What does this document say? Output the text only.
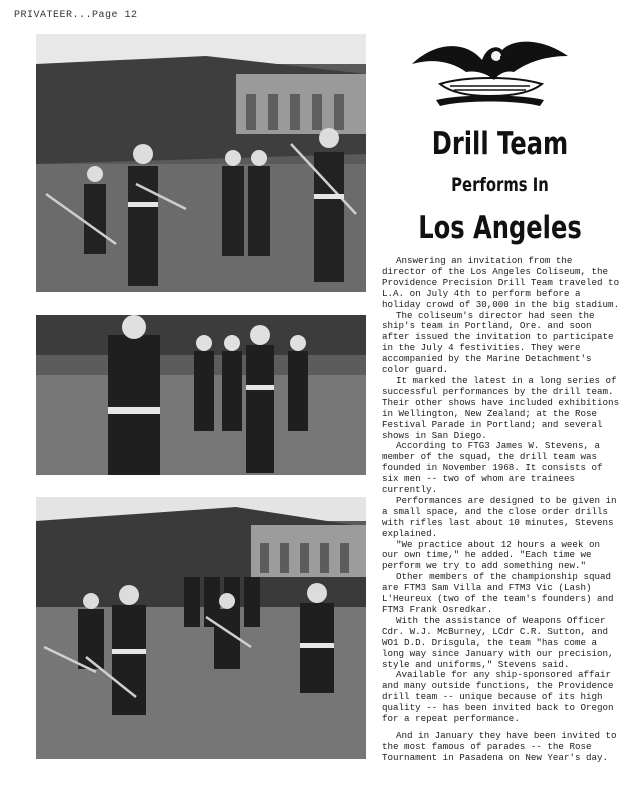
PRIVATEER...Page 12
Drill Team
Performs In
Los Angeles

Answering an invitation from the director of the Los Angeles Coliseum, the Providence Precision Drill Team traveled to L.A. on July 4th to perform before a holiday crowd of 30,000 in the big stadium.

The coliseum's director had seen the ship's team in Portland, Ore. and soon after issued the invitation to participate in the July 4 festivities. They were accompanied by the Marine Detachment's color guard.

It marked the latest in a long series of successful performances by the drill team. Their other shows have included exhibitions in Wellington, New Zealand; at the Rose Festival Parade in Portland; and several shows in San Diego.

According to FTG3 James W. Stevens, a member of the squad, the drill team was founded in November 1968. It consists of six men -- two of whom are trainees currently.

Performances are designed to be given in a small space, and the close order drills with rifles last about 10 minutes, Stevens explained.

"We practice about 12 hours a week on our own time," he added. "Each time we perform we try to add something new."

Other members of the championship squad are FTM3 Sam Villa and FTM3 Vic (Lash) L'Heureux (two of the team's founders) and FTM3 Frank Osredkar.

With the assistance of Weapons Officer Cdr. W.J. McBurney, LCdr C.R. Sutton, and WO1 D.D. Drisgula, the team "has come a long way since January with our precision, style and uniforms," Stevens said.

Available for any ship-sponsored affair and many outside functions, the Providence drill team -- unique because of its high quality -- has been invited back to Oregon for a repeat performance.

And in January they have been invited to the most famous of parades -- the Rose Tournament in Pasadena on New Year's day.
